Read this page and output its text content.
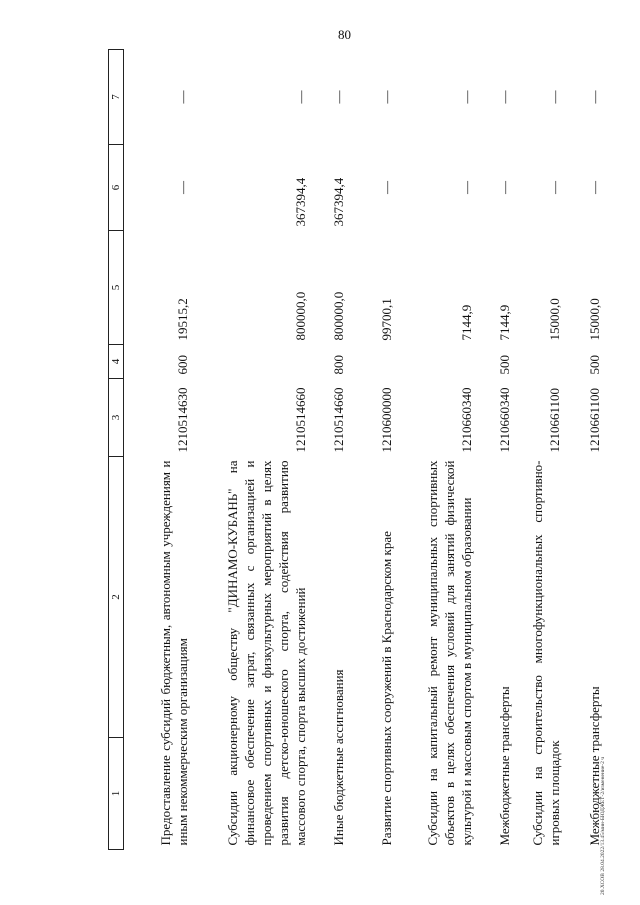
80
1	2	3	4	5	6	7
Предоставление субсидий бюджетным, автономным учреждениям и иным некоммерческим организациям		1210514630	600	19515,2	—	—
Субсидии акционерному обществу "ДИНАМО-КУБАНЬ" на финансовое обеспечение затрат, связанных с организацией и проведением спортивных и физкультурных мероприятий в целях развития детско-юношеского спорта, содействия развитию массового спорта, спорта высших достижений		1210514660		800000,0	367394,4	—
Иные бюджетные ассигнования		1210514660	800	800000,0	367394,4	—
Развитие спортивных сооружений в Краснодарском крае		1210600000		99700,1	—	—
Субсидии на капитальный ремонт муниципальных спортивных объектов в целях обеспечения условий для занятий физической культурой и массовым спортом в муниципальном образовании		1210660340		7144,9	—	—
Межбюджетные трансферты		1210660340	500	7144,9	—	—
Субсидии на строительство многофункциональных спортивно-игровых площадок		1210661100		15000,0	—	—
Межбюджетные трансферты		1210661100	500	15000,0	—	—
20.ХСОВ 28.04.2022/13.45/мин-БЮДЖЕТ-2/изменение-2 ч
